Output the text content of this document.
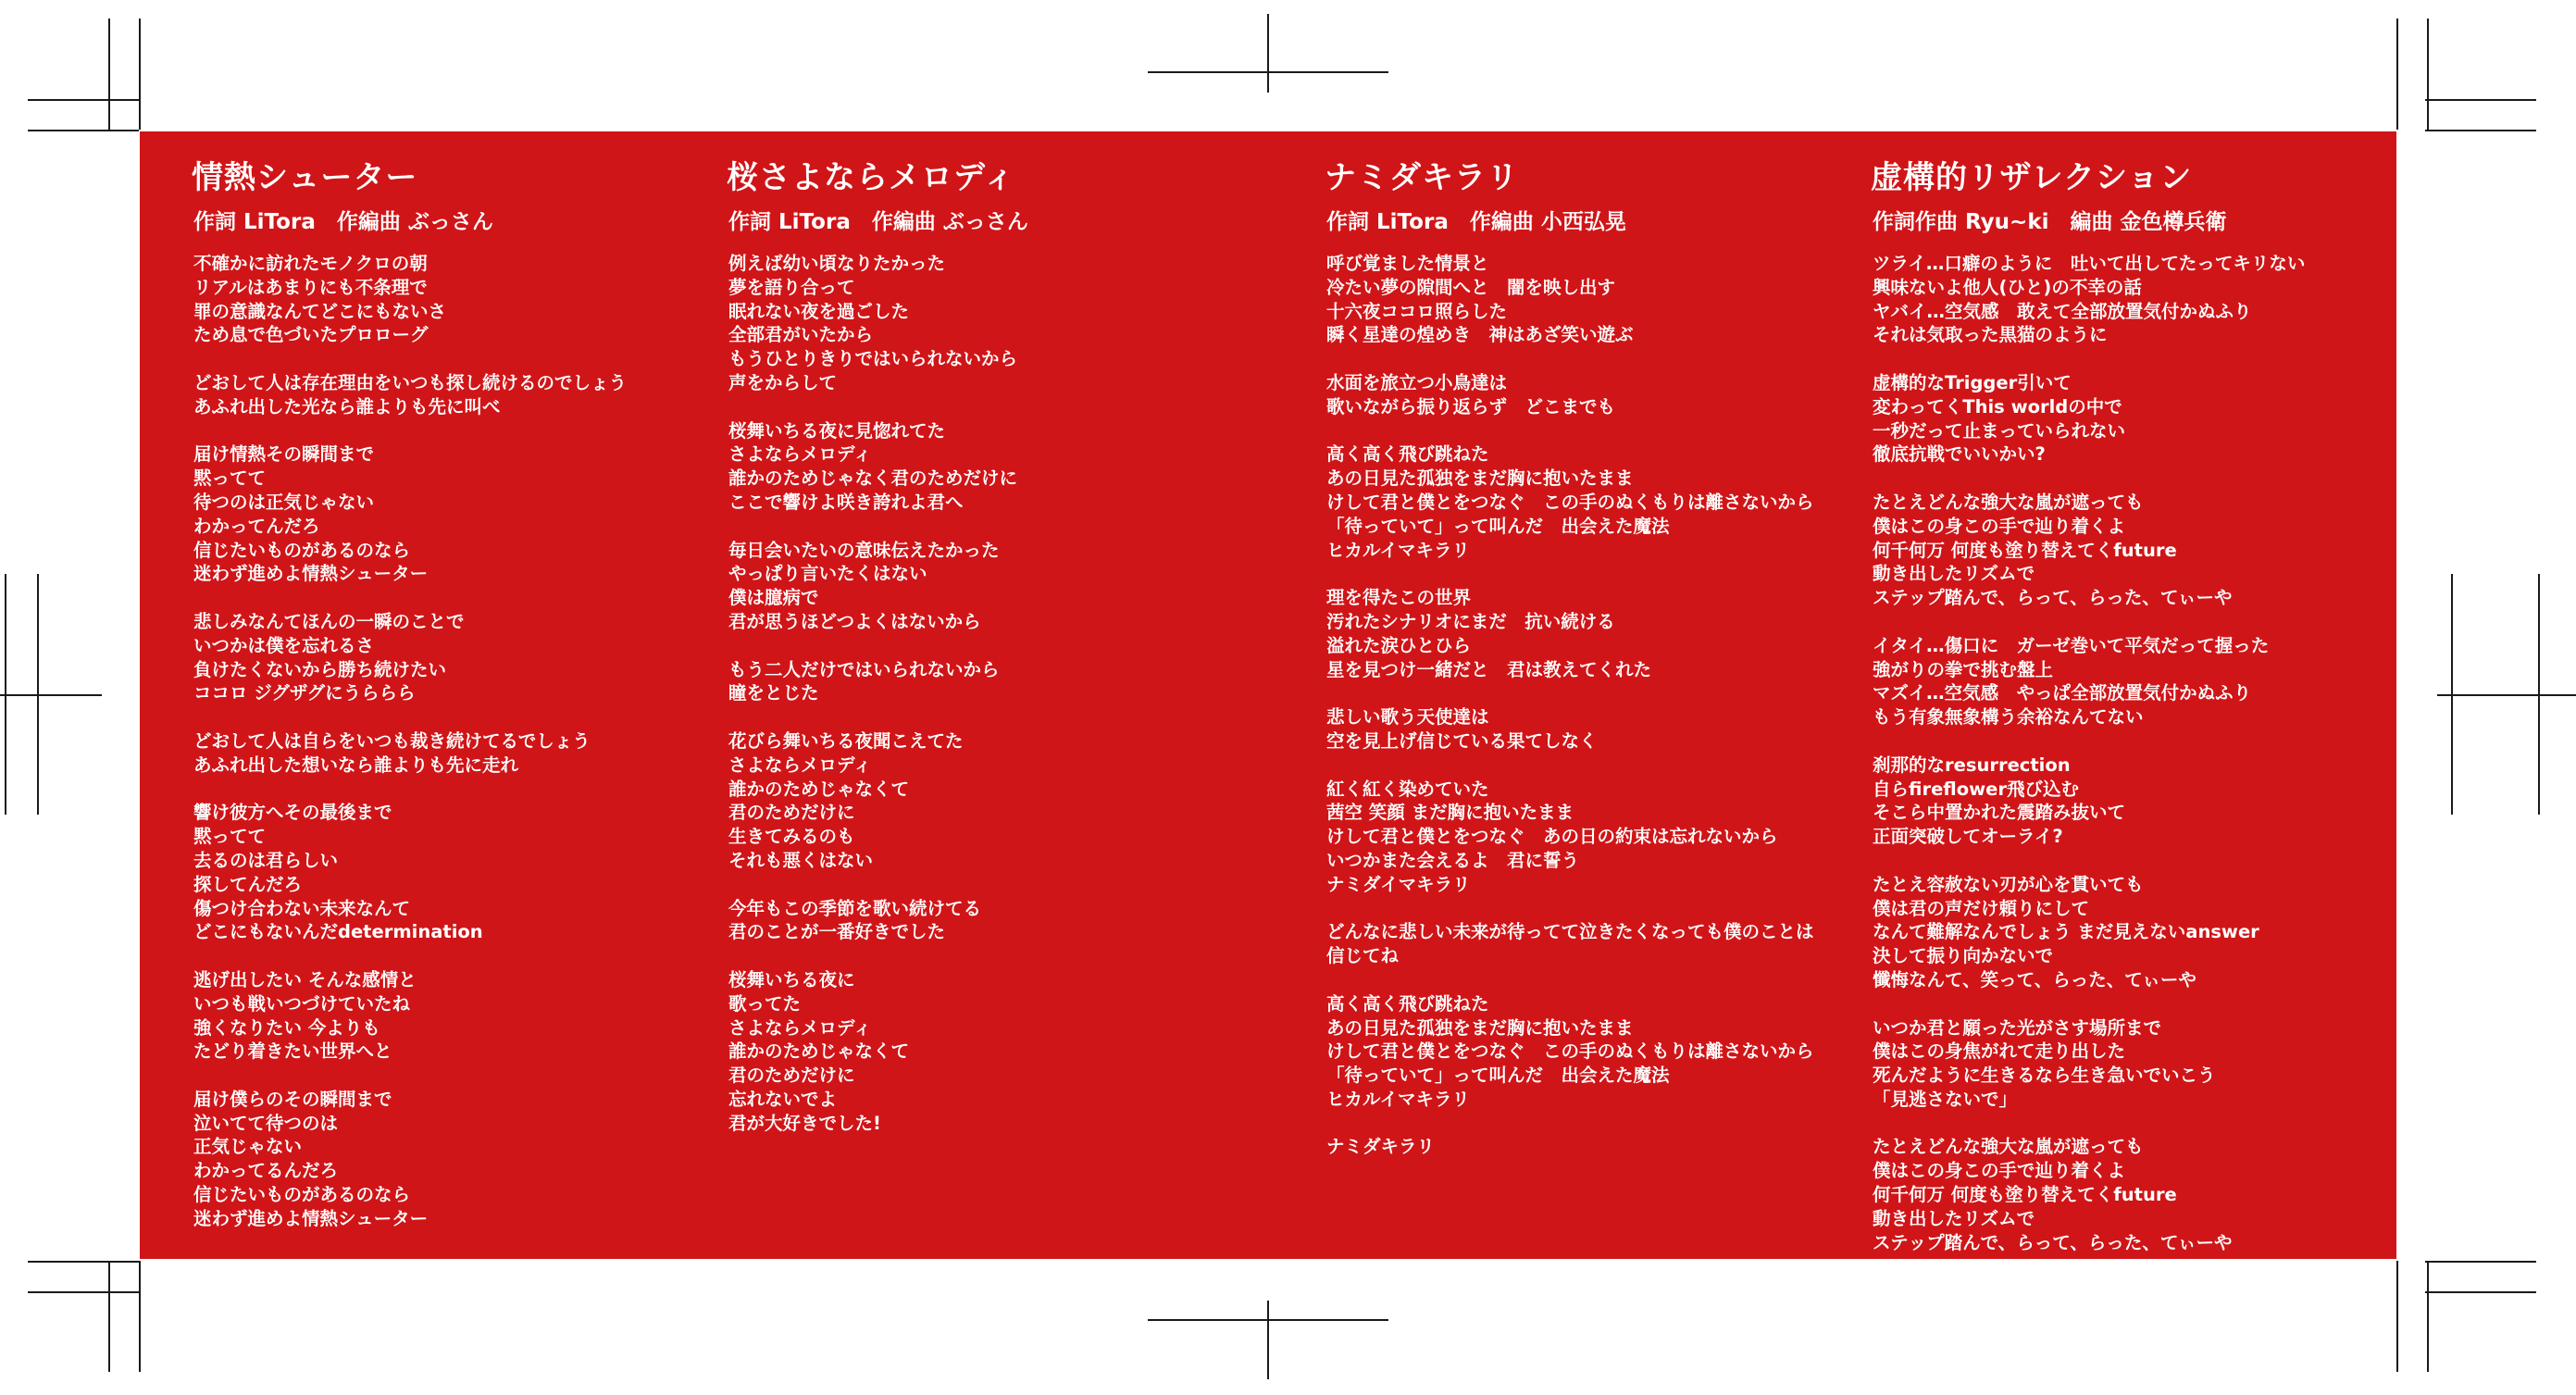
情熱シューター
作詞 LiTora　作編曲 ぶっさん
不確かに訪れたモノクロの朝
リアルはあまりにも不条理で
罪の意識なんてどこにもないさ
ため息で色づいたプロローグ
どおして人は存在理由をいつも探し続けるのでしょう
あふれ出した光なら誰よりも先に叫べ
届け情熱その瞬間まで
黙ってて
待つのは正気じゃない
わかってんだろ
信じたいものがあるのなら
迷わず進めよ情熱シューター
悲しみなんてほんの一瞬のことで
いつかは僕を忘れるさ
負けたくないから勝ち続けたい
ココロ ジグザグにうららら
どおして人は自らをいつも裁き続けてるでしょう
あふれ出した想いなら誰よりも先に走れ
響け彼方へその最後まで
黙ってて
去るのは君らしい
探してんだろ
傷つけ合わない未来なんて
どこにもないんだdetermination
逃げ出したい そんな感情と
いつも戦いつづけていたね
強くなりたい 今よりも
たどり着きたい世界へと
届け僕らのその瞬間まで
泣いてて待つのは
正気じゃない
わかってるんだろ
信じたいものがあるのなら
迷わず進めよ情熱シューター
桜さよならメロディ
作詞 LiTora　作編曲 ぶっさん
例えば幼い頃なりたかった
夢を語り合って
眠れない夜を過ごした
全部君がいたから
もうひとりきりではいられないから
声をからして
桜舞いちる夜に見惚れてた
さよならメロディ
誰かのためじゃなく君のためだけに
ここで響けよ咲き誇れよ君へ
毎日会いたいの意味伝えたかった
やっぱり言いたくはない
僕は臆病で
君が思うほどつよくはないから
もう二人だけではいられないから
瞳をとじた
花びら舞いちる夜聞こえてた
さよならメロディ
誰かのためじゃなくて
君のためだけに
生きてみるのも
それも悪くはない
今年もこの季節を歌い続けてる
君のことが一番好きでした
桜舞いちる夜に
歌ってた
さよならメロディ
誰かのためじゃなくて
君のためだけに
忘れないでよ
君が大好きでした!
ナミダキラリ
作詞 LiTora　作編曲 小西弘晃
呼び覚ました情景と
冷たい夢の隙間へと　闇を映し出す
十六夜ココロ照らした
瞬く星達の煌めき　神はあざ笑い遊ぶ
水面を旅立つ小鳥達は
歌いながら振り返らず　どこまでも
高く高く飛び跳ねた
あの日見た孤独をまだ胸に抱いたまま
けして君と僕とをつなぐ　この手のぬくもりは離さないから
「待っていて」って叫んだ　出会えた魔法
ヒカルイマキラリ
理を得たこの世界
汚れたシナリオにまだ　抗い続ける
溢れた涙ひとひら
星を見つけ一緒だと　君は教えてくれた
悲しい歌う天使達は
空を見上げ信じている果てしなく
紅く紅く染めていた
茜空 笑顔 まだ胸に抱いたまま
けして君と僕とをつなぐ　あの日の約束は忘れないから
いつかまた会えるよ　君に誓う
ナミダイマキラリ
どんなに悲しい未来が待ってて泣きたくなっても僕のことは
信じてね
高く高く飛び跳ねた
あの日見た孤独をまだ胸に抱いたまま
けして君と僕とをつなぐ　この手のぬくもりは離さないから
「待っていて」って叫んだ　出会えた魔法
ヒカルイマキラリ
ナミダキラリ
虚構的リザレクション
作詞作曲 Ryu~ki　編曲 金色樽兵衛
ツライ…口癖のように　吐いて出してたってキリない
興味ないよ他人(ひと)の不幸の話
ヤバイ…空気感　敢えて全部放置気付かぬふり
それは気取った黒猫のように
虚構的なTrigger引いて
変わってくThis worldの中で
一秒だって止まっていられない
徹底抗戦でいいかい?
たとえどんな強大な嵐が遮っても
僕はこの身この手で辿り着くよ
何千何万 何度も塗り替えてくfuture
動き出したリズムで
ステップ踏んで、らって、らった、てぃーや
イタイ…傷口に　ガーゼ巻いて平気だって握った
強がりの拳で挑む盤上
マズイ…空気感　やっぱ全部放置気付かぬふり
もう有象無象構う余裕なんてない
刹那的なresurrection
自らfireflower飛び込む
そこら中置かれた震踏み抜いて
正面突破してオーライ?
たとえ容赦ない刃が心を貫いても
僕は君の声だけ頼りにして
なんて難解なんでしょう まだ見えないanswer
決して振り向かないで
懺悔なんて、笑って、らった、てぃーや
いつか君と願った光がさす場所まで
僕はこの身焦がれて走り出した
死んだように生きるなら生き急いでいこう
「見逃さないで」
たとえどんな強大な嵐が遮っても
僕はこの身この手で辿り着くよ
何千何万 何度も塗り替えてくfuture
動き出したリズムで
ステップ踏んで、らって、らった、てぃーや
